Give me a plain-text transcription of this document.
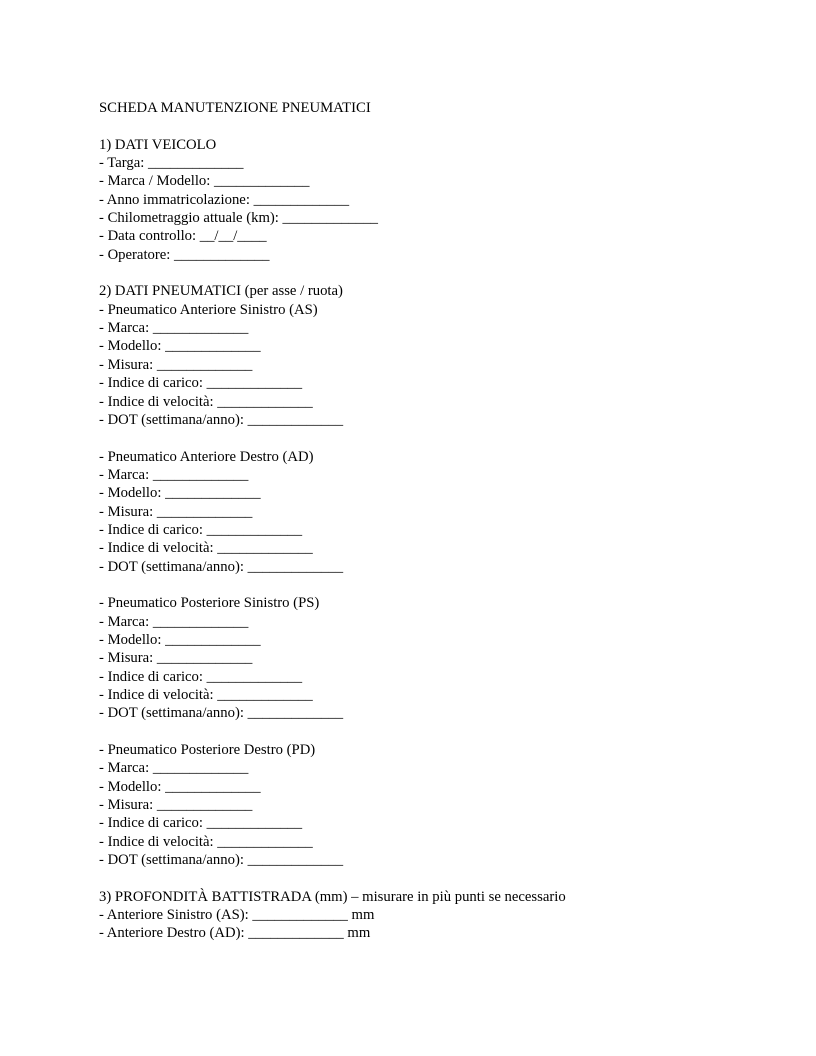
SCHEDA MANUTENZIONE PNEUMATICI
1) DATI VEICOLO
- Targa: _____________
- Marca / Modello: _____________
- Anno immatricolazione: _____________
- Chilometraggio attuale (km): _____________
- Data controllo: __/__/____
- Operatore: _____________
2) DATI PNEUMATICI (per asse / ruota)
- Pneumatico Anteriore Sinistro (AS)
- Marca: _____________
- Modello: _____________
- Misura: _____________
- Indice di carico: _____________
- Indice di velocità: _____________
- DOT (settimana/anno): _____________
- Pneumatico Anteriore Destro (AD)
- Marca: _____________
- Modello: _____________
- Misura: _____________
- Indice di carico: _____________
- Indice di velocità: _____________
- DOT (settimana/anno): _____________
- Pneumatico Posteriore Sinistro (PS)
- Marca: _____________
- Modello: _____________
- Misura: _____________
- Indice di carico: _____________
- Indice di velocità: _____________
- DOT (settimana/anno): _____________
- Pneumatico Posteriore Destro (PD)
- Marca: _____________
- Modello: _____________
- Misura: _____________
- Indice di carico: _____________
- Indice di velocità: _____________
- DOT (settimana/anno): _____________
3) PROFONDITÀ BATTISTRADA (mm) – misurare in più punti se necessario
- Anteriore Sinistro (AS): _____________ mm
- Anteriore Destro (AD): _____________ mm
